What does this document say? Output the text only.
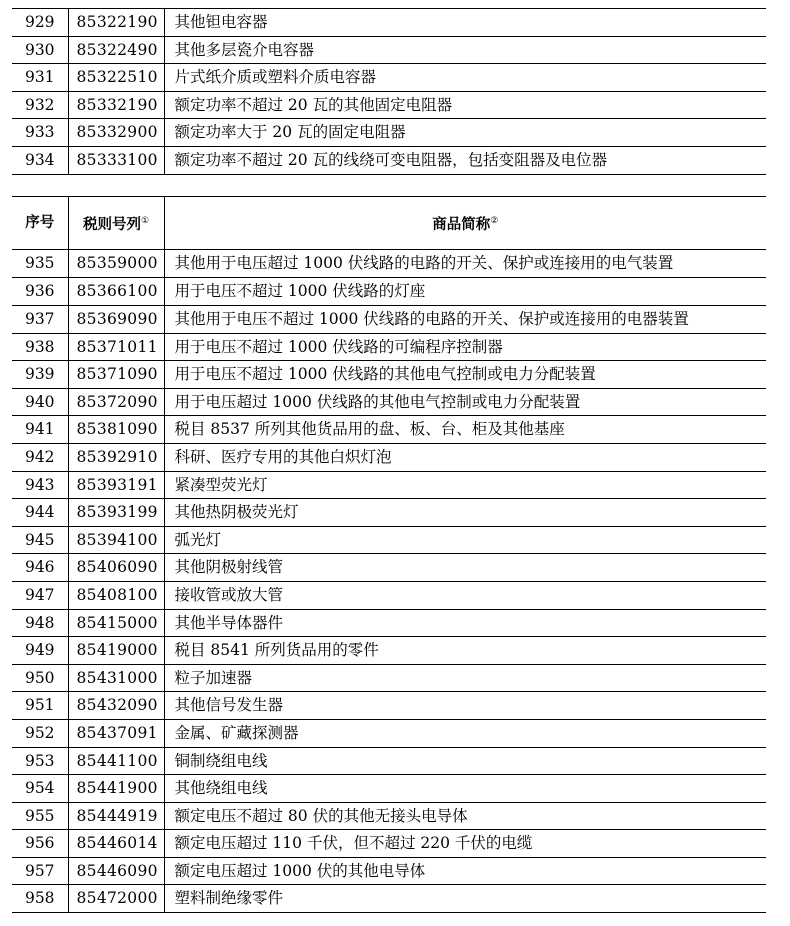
929	85322190	其他钽电容器
930	85322490	其他多层瓷介电容器
931	85322510	片式纸介质或塑料介质电容器
932	85332190	额定功率不超过 20 瓦的其他固定电阻器
933	85332900	额定功率大于 20 瓦的固定电阻器
934	85333100	额定功率不超过 20 瓦的线绕可变电阻器，包括变阻器及电位器
序号	税则号列①	商品简称②
935	85359000	其他用于电压超过 1000 伏线路的电路的开关、保护或连接用的电气装置
936	85366100	用于电压不超过 1000 伏线路的灯座
937	85369090	其他用于电压不超过 1000 伏线路的电路的开关、保护或连接用的电器装置
938	85371011	用于电压不超过 1000 伏线路的可编程序控制器
939	85371090	用于电压不超过 1000 伏线路的其他电气控制或电力分配装置
940	85372090	用于电压超过 1000 伏线路的其他电气控制或电力分配装置
941	85381090	税目 8537 所列其他货品用的盘、板、台、柜及其他基座
942	85392910	科研、医疗专用的其他白炽灯泡
943	85393191	紧凑型荧光灯
944	85393199	其他热阴极荧光灯
945	85394100	弧光灯
946	85406090	其他阴极射线管
947	85408100	接收管或放大管
948	85415000	其他半导体器件
949	85419000	税目 8541 所列货品用的零件
950	85431000	粒子加速器
951	85432090	其他信号发生器
952	85437091	金属、矿藏探测器
953	85441100	铜制绕组电线
954	85441900	其他绕组电线
955	85444919	额定电压不超过 80 伏的其他无接头电导体
956	85446014	额定电压超过 110 千伏，但不超过 220 千伏的电缆
957	85446090	额定电压超过 1000 伏的其他电导体
958	85472000	塑料制绝缘零件
